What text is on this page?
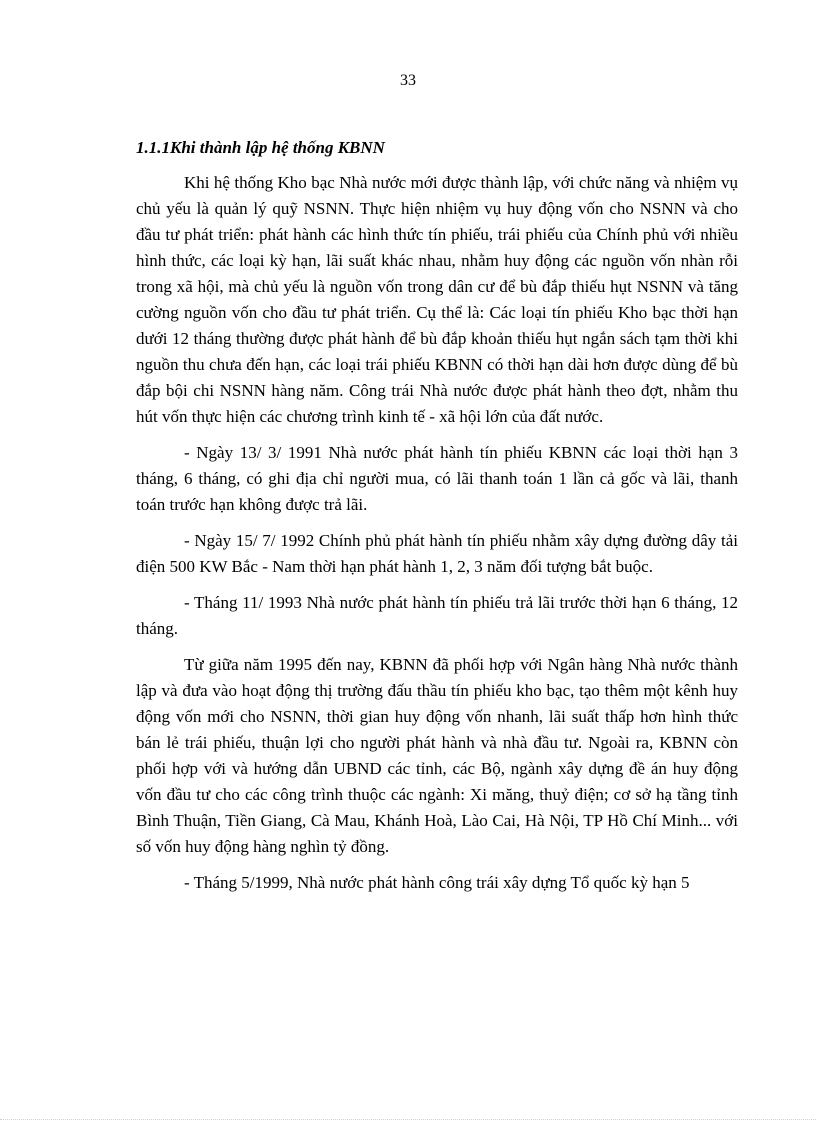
33
1.1.1Khi thành lập hệ thống KBNN

Khi hệ thống Kho bạc Nhà nước mới được thành lập, với chức năng và nhiệm vụ chủ yếu là quản lý quỹ NSNN. Thực hiện nhiệm vụ huy động vốn cho NSNN và cho đầu tư phát triển: phát hành các hình thức tín phiếu, trái phiếu của Chính phủ với nhiều hình thức, các loại kỳ hạn, lãi suất khác nhau, nhằm huy động các nguồn vốn nhàn rỗi trong xã hội, mà chủ yếu là nguồn vốn trong dân cư để bù đắp thiếu hụt NSNN và tăng cường nguồn vốn cho đầu tư phát triển. Cụ thể là: Các loại tín phiếu Kho bạc thời hạn dưới 12 tháng thường được phát hành để bù đắp khoản thiếu hụt ngắn sách tạm thời khi nguồn thu chưa đến hạn, các loại trái phiếu KBNN có thời hạn dài hơn được dùng để bù đắp bội chi NSNN hàng năm. Công trái Nhà nước được phát hành theo đợt, nhằm thu hút vốn thực hiện các chương trình kinh tế - xã hội lớn của đất nước.

- Ngày 13/ 3/ 1991 Nhà nước phát hành tín phiếu KBNN các loại thời hạn 3 tháng, 6 tháng, có ghi địa chỉ người mua, có lãi thanh toán 1 lần cả gốc và lãi, thanh toán trước hạn không được trả lãi.

- Ngày 15/ 7/ 1992 Chính phủ phát hành tín phiếu nhằm xây dựng đường dây tải điện 500 KW Bắc - Nam thời hạn phát hành 1, 2, 3 năm đối tượng bắt buộc.

- Tháng 11/ 1993 Nhà nước phát hành tín phiếu trả lãi trước thời hạn 6 tháng, 12 tháng.

Từ giữa năm 1995 đến nay, KBNN đã phối hợp với Ngân hàng Nhà nước thành lập và đưa vào hoạt động thị trường đấu thầu tín phiếu kho bạc, tạo thêm một kênh huy động vốn mới cho NSNN, thời gian huy động vốn nhanh, lãi suất thấp hơn hình thức bán lẻ trái phiếu, thuận lợi cho người phát hành và nhà đầu tư. Ngoài ra, KBNN còn phối hợp với và hướng dẫn UBND các tỉnh, các Bộ, ngành xây dựng đề án huy động vốn đầu tư cho các công trình thuộc các ngành: Xi măng, thuỷ điện; cơ sở hạ tầng tỉnh Bình Thuận, Tiền Giang, Cà Mau, Khánh Hoà, Lào Cai, Hà Nội, TP Hồ Chí Minh... với số vốn huy động hàng nghìn tỷ đồng.

- Tháng 5/1999, Nhà nước phát hành công trái xây dựng Tổ quốc kỳ hạn 5
